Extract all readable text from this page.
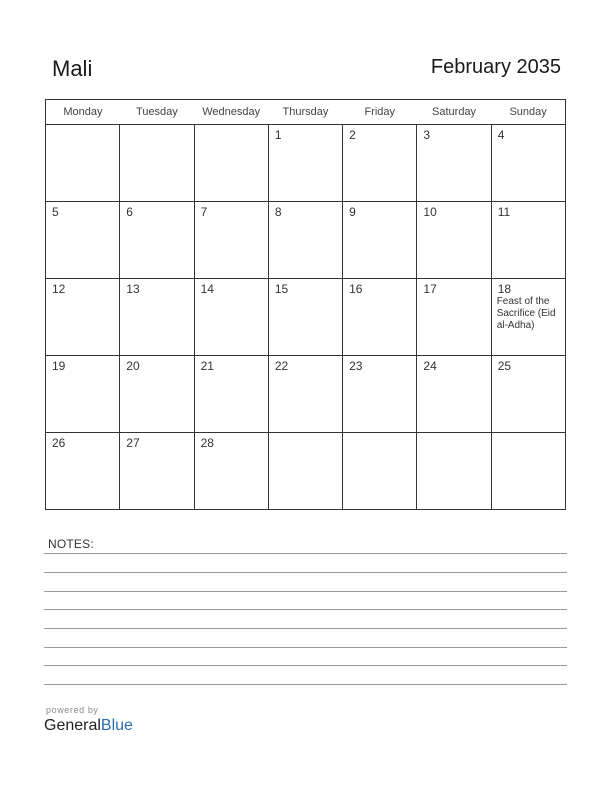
Mali	February 2035
Monday	Tuesday	Wednesday	Thursday	Friday	Saturday	Sunday

			1	2	3	4

5	6	7	8	9	10	11

12	13	14	15	16	17	18
Feast of the Sacrifice (Eid al-Adha)

19	20	21	22	23	24	25

26	27	28				

NOTES:
powered by
GeneralBlue
